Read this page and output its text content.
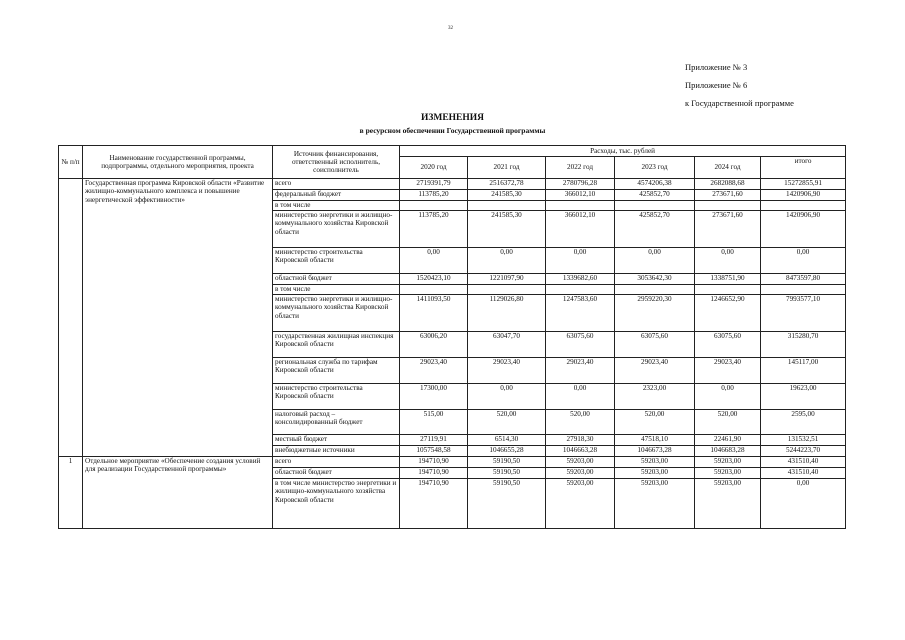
32
Приложение № 3
Приложение № 6
к Государственной программе
ИЗМЕНЕНИЯ
в ресурсном обеспечении Государственной программы
№ п/п	Наименование государственной программы, подпрограммы, отдельного мероприятия, проекта	Источник финансирования, ответственный исполнитель, соисполнитель	Расходы, тыс. рублей					
			2020 год	2021 год	2022 год	2023 год	2024 год	итого

	Государственная программа Кировской области «Развитие жилищно-коммунального комплекса и повышение энергетической эффективности»	всего	2719391,79	2516372,78	2780796,28	4574206,38	2682088,68	15272855,91
		федеральный бюджет	113785,20	241585,30	366012,10	425852,70	273671,60	1420906,90
		в том числе						
		министерство энергетики и жилищно-коммунального хозяйства Кировской области	113785,20	241585,30	366012,10	425852,70	273671,60	1420906,90
		министерство строительства Кировской области	0,00	0,00	0,00	0,00	0,00	0,00
		областной бюджет	1520423,10	1221097,90	1339682,60	3053642,30	1338751,90	8473597,80
		в том числе						
		министерство энергетики и жилищно-коммунального хозяйства Кировской области	1411093,50	1129026,80	1247583,60	2959220,30	1246652,90	7993577,10
		государственная жилищная инспекция Кировской области	63006,20	63047,70	63075,60	63075,60	63075,60	315280,70
		региональная служба по тарифам Кировской области	29023,40	29023,40	29023,40	29023,40	29023,40	145117,00
		министерство строительства Кировской области	17300,00	0,00	0,00	2323,00	0,00	19623,00
		налоговый расход – консолидированный бюджет	515,00	520,00	520,00	520,00	520,00	2595,00
		местный бюджет	27119,91	6514,30	27918,30	47518,10	22461,90	131532,51
		внебюджетные источники	1057548,58	1046655,28	1046663,28	1046673,28	1046683,28	5244223,70
1	Отдельное мероприятие «Обеспечение создания условий для реализации Государственной программы»	всего	194710,90	59190,50	59203,00	59203,00	59203,00	431510,40
		областной бюджет	194710,90	59190,50	59203,00	59203,00	59203,00	431510,40
		в том числе министерство энергетики и жилищно-коммунального хозяйства Кировской области	194710,90	59190,50	59203,00	59203,00	59203,00	0,00
